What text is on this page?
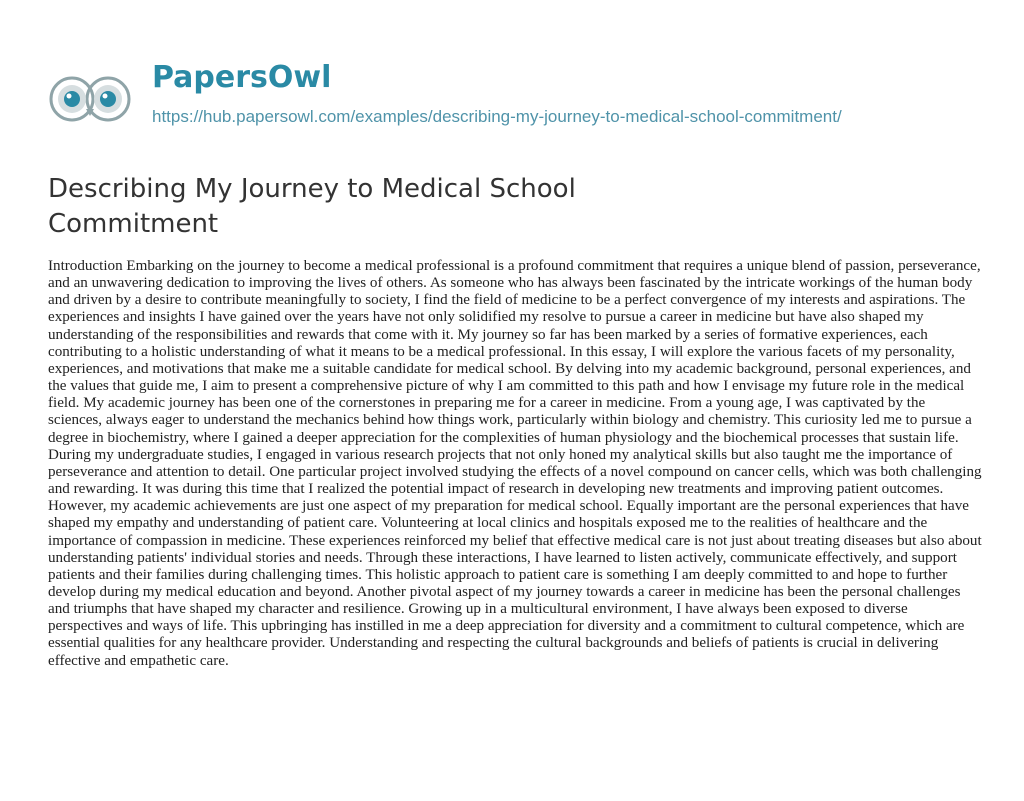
PapersOwl
https://hub.papersowl.com/examples/describing-my-journey-to-medical-school-commitment/
Describing My Journey to Medical School Commitment

Introduction Embarking on the journey to become a medical professional is a profound commitment that requires a unique blend of passion, perseverance, and an unwavering dedication to improving the lives of others. As someone who has always been fascinated by the intricate workings of the human body and driven by a desire to contribute meaningfully to society, I find the field of medicine to be a perfect convergence of my interests and aspirations. The experiences and insights I have gained over the years have not only solidified my resolve to pursue a career in medicine but have also shaped my understanding of the responsibilities and rewards that come with it. My journey so far has been marked by a series of formative experiences, each contributing to a holistic understanding of what it means to be a medical professional. In this essay, I will explore the various facets of my personality, experiences, and motivations that make me a suitable candidate for medical school. By delving into my academic background, personal experiences, and the values that guide me, I aim to present a comprehensive picture of why I am committed to this path and how I envisage my future role in the medical field. My academic journey has been one of the cornerstones in preparing me for a career in medicine. From a young age, I was captivated by the sciences, always eager to understand the mechanics behind how things work, particularly within biology and chemistry. This curiosity led me to pursue a degree in biochemistry, where I gained a deeper appreciation for the complexities of human physiology and the biochemical processes that sustain life. During my undergraduate studies, I engaged in various research projects that not only honed my analytical skills but also taught me the importance of perseverance and attention to detail. One particular project involved studying the effects of a novel compound on cancer cells, which was both challenging and rewarding. It was during this time that I realized the potential impact of research in developing new treatments and improving patient outcomes. However, my academic achievements are just one aspect of my preparation for medical school. Equally important are the personal experiences that have shaped my empathy and understanding of patient care. Volunteering at local clinics and hospitals exposed me to the realities of healthcare and the importance of compassion in medicine. These experiences reinforced my belief that effective medical care is not just about treating diseases but also about understanding patients' individual stories and needs. Through these interactions, I have learned to listen actively, communicate effectively, and support patients and their families during challenging times. This holistic approach to patient care is something I am deeply committed to and hope to further develop during my medical education and beyond. Another pivotal aspect of my journey towards a career in medicine has been the personal challenges and triumphs that have shaped my character and resilience. Growing up in a multicultural environment, I have always been exposed to diverse perspectives and ways of life. This upbringing has instilled in me a deep appreciation for diversity and a commitment to cultural competence, which are essential qualities for any healthcare provider. Understanding and respecting the cultural backgrounds and beliefs of patients is crucial in delivering effective and empathetic care.
